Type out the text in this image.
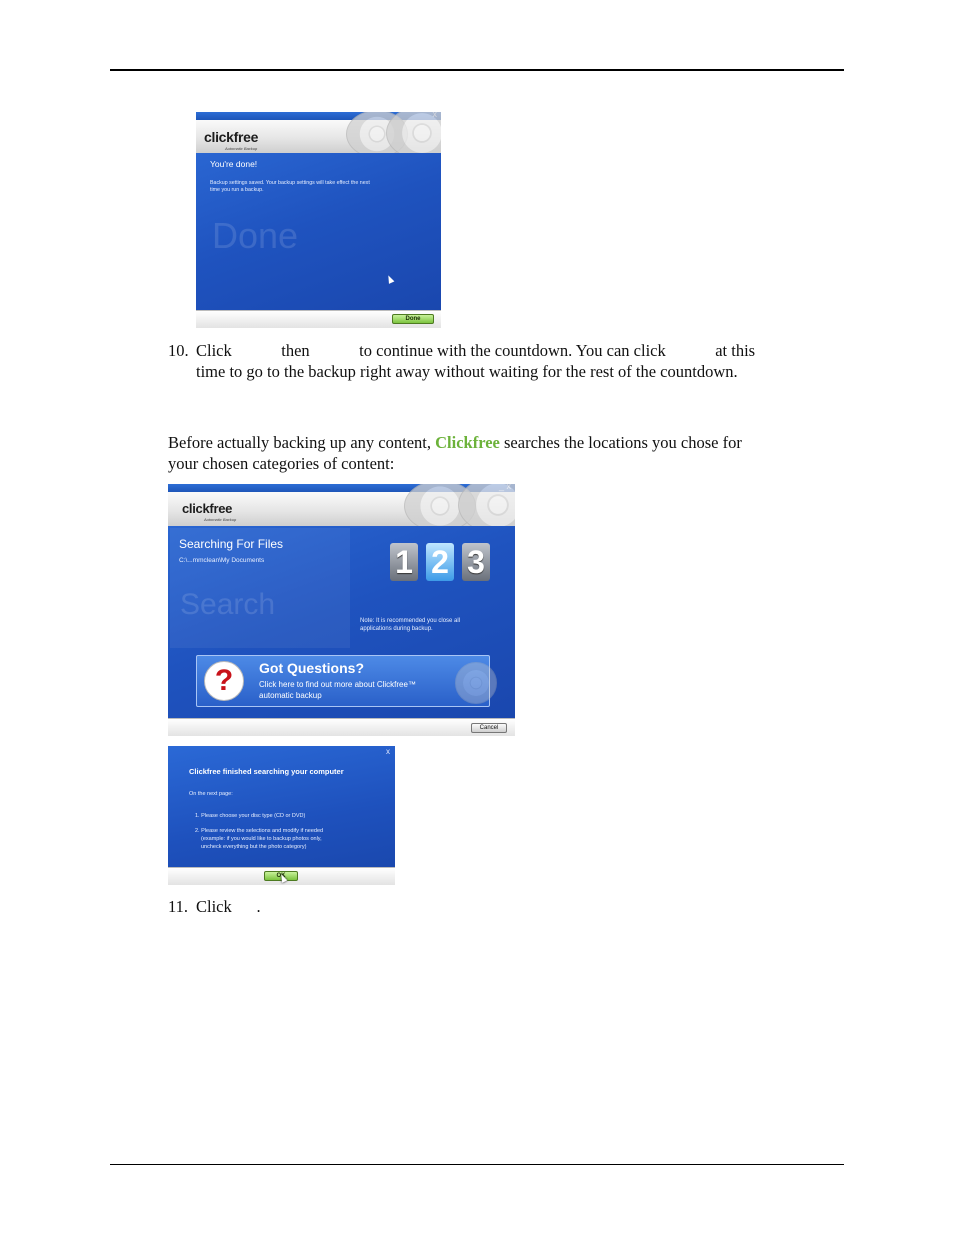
clickfree
Automatic Backup
You're done!
Backup settings saved. Your backup settings will take effect the next
time you run a backup.
Done
Done
10. Click            then            to continue with the countdown. You can click            at this
time to go to the backup right away without waiting for the rest of the countdown.
Before actually backing up any content, Clickfree searches the locations you chose for
your chosen categories of content:
clickfree
Automatic Backup
Searching For Files
C:\...mmclean\My Documents
Search
1 2 3
Note: It is recommended you close all
applications during backup.
?	Got Questions?
Click here to find out more about Clickfree™
automatic backup
Cancel
x
Clickfree finished searching your computer
On the next page:
1. Please choose your disc type (CD or DVD)
2. Please review the selections and modify if needed
(example: if you would like to backup photos only,
uncheck everything but the photo category)
OK
11. Click      .
